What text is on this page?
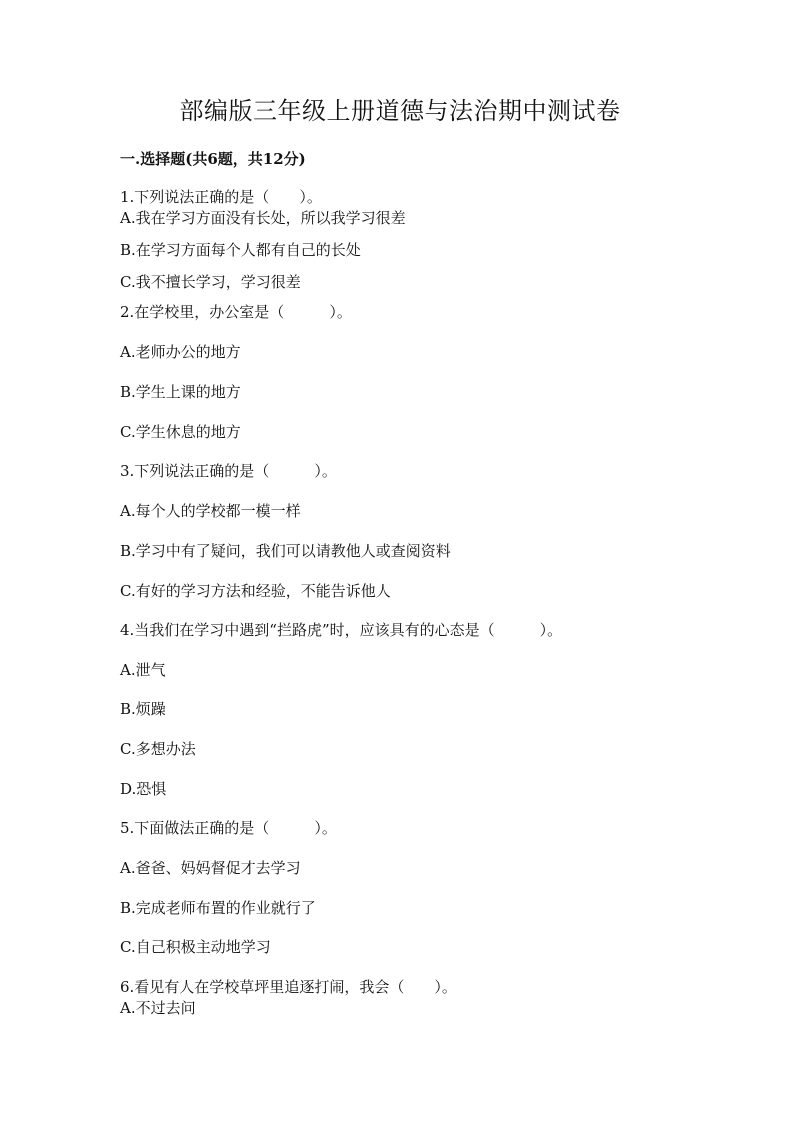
部编版三年级上册道德与法治期中测试卷
一.选择题(共6题，共12分)
1.下列说法正确的是（　　）。
A.我在学习方面没有长处，所以我学习很差
B.在学习方面每个人都有自己的长处
C.我不擅长学习，学习很差
2.在学校里，办公室是（　　　）。
A.老师办公的地方
B.学生上课的地方
C.学生休息的地方
3.下列说法正确的是（　　　）。
A.每个人的学校都一模一样
B.学习中有了疑问，我们可以请教他人或查阅资料
C.有好的学习方法和经验，不能告诉他人
4.当我们在学习中遇到“拦路虎”时，应该具有的心态是（　　　）。
A.泄气
B.烦躁
C.多想办法
D.恐惧
5.下面做法正确的是（　　　）。
A.爸爸、妈妈督促才去学习
B.完成老师布置的作业就行了
C.自己积极主动地学习
6.看见有人在学校草坪里追逐打闹，我会（　　）。
A.不过去问
